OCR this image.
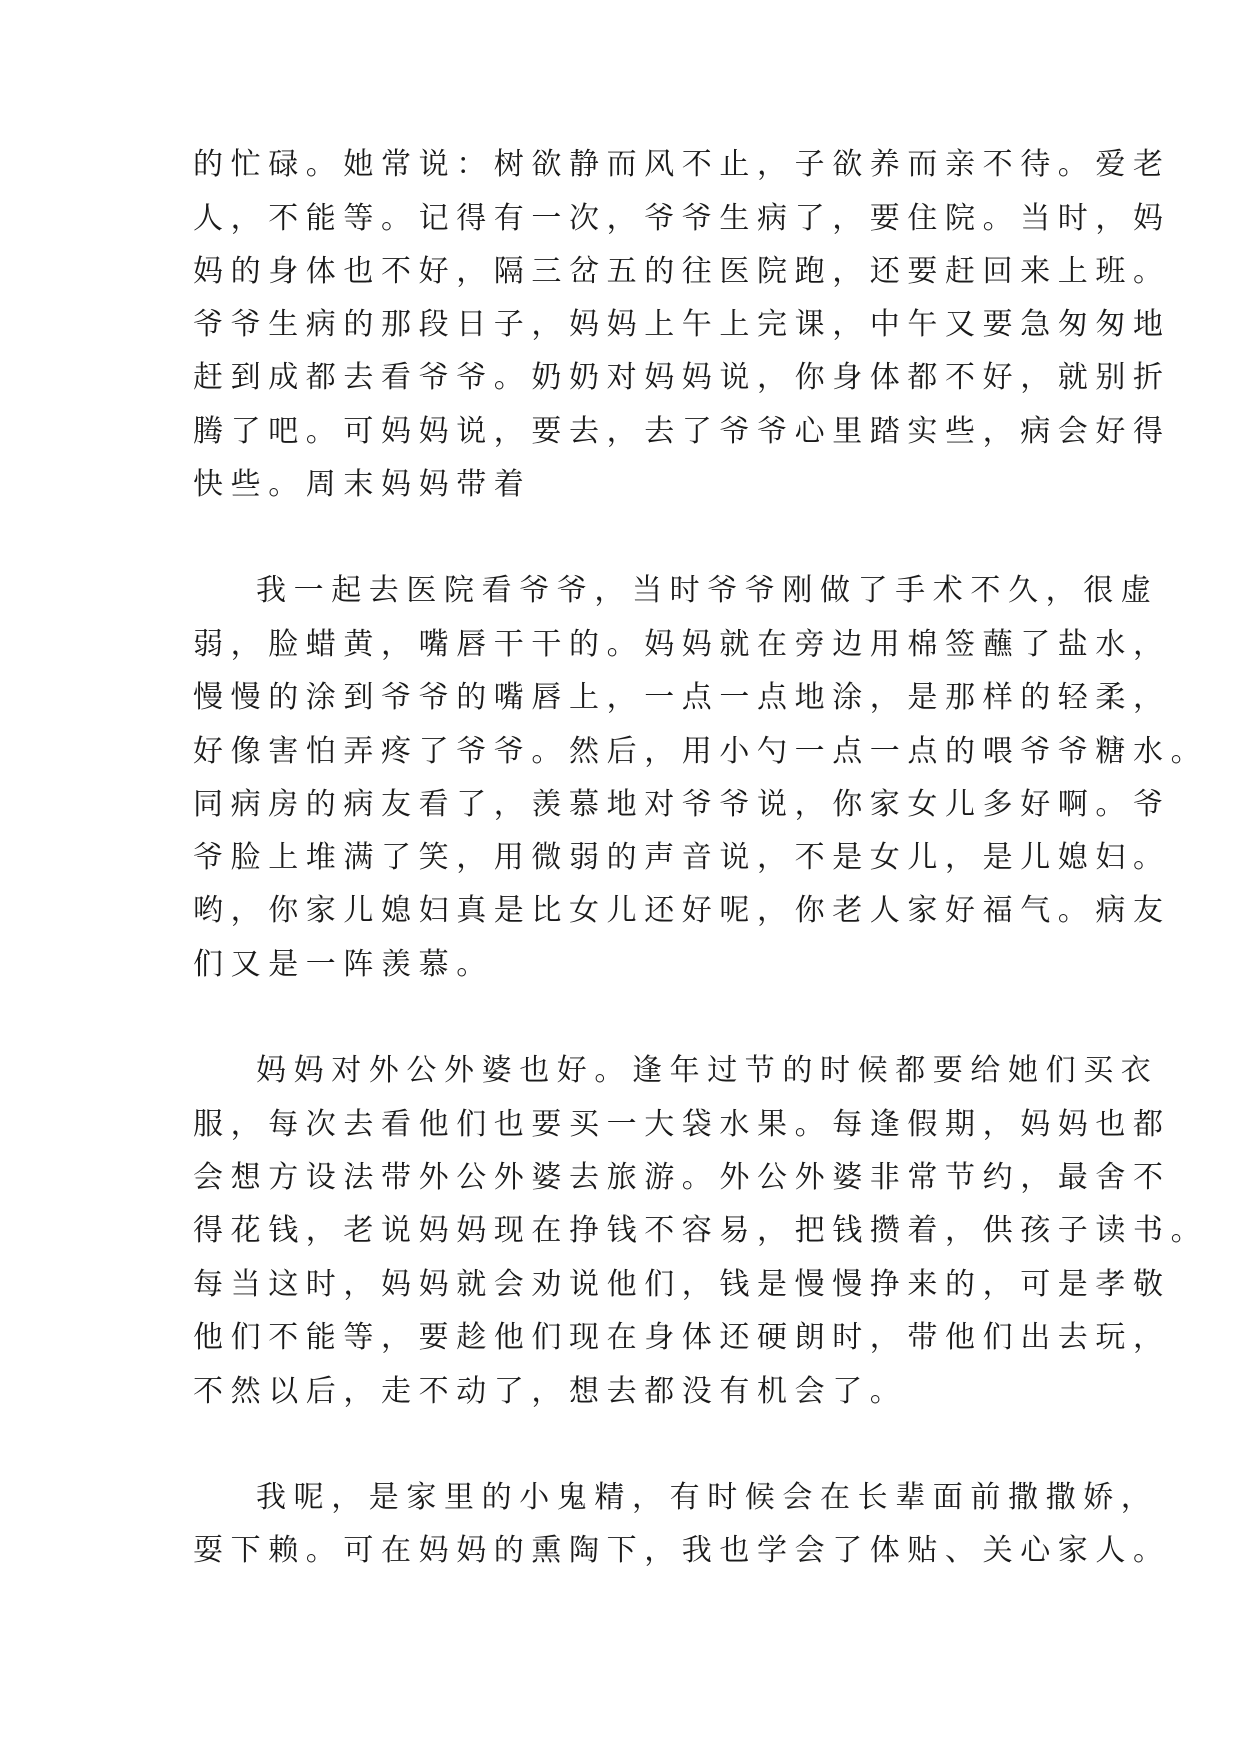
的忙碌。她常说：树欲静而风不止，子欲养而亲不待。爱老

人，不能等。记得有一次，爷爷生病了，要住院。当时，妈

妈的身体也不好，隔三岔五的往医院跑，还要赶回来上班。

爷爷生病的那段日子，妈妈上午上完课，中午又要急匆匆地

赶到成都去看爷爷。奶奶对妈妈说，你身体都不好，就别折

腾了吧。可妈妈说，要去，去了爷爷心里踏实些，病会好得

快些。周末妈妈带着

我一起去医院看爷爷，当时爷爷刚做了手术不久，很虚

弱，脸蜡黄，嘴唇干干的。妈妈就在旁边用棉签蘸了盐水，

慢慢的涂到爷爷的嘴唇上，一点一点地涂，是那样的轻柔，

好像害怕弄疼了爷爷。然后，用小勺一点一点的喂爷爷糖水。

同病房的病友看了，羡慕地对爷爷说，你家女儿多好啊。爷

爷脸上堆满了笑，用微弱的声音说，不是女儿，是儿媳妇。

哟，你家儿媳妇真是比女儿还好呢，你老人家好福气。病友

们又是一阵羡慕。

妈妈对外公外婆也好。逢年过节的时候都要给她们买衣

服，每次去看他们也要买一大袋水果。每逢假期，妈妈也都

会想方设法带外公外婆去旅游。外公外婆非常节约，最舍不

得花钱，老说妈妈现在挣钱不容易，把钱攒着，供孩子读书。

每当这时，妈妈就会劝说他们，钱是慢慢挣来的，可是孝敬

他们不能等，要趁他们现在身体还硬朗时，带他们出去玩，

不然以后，走不动了，想去都没有机会了。

我呢，是家里的小鬼精，有时候会在长辈面前撒撒娇，

耍下赖。可在妈妈的熏陶下，我也学会了体贴、关心家人。
